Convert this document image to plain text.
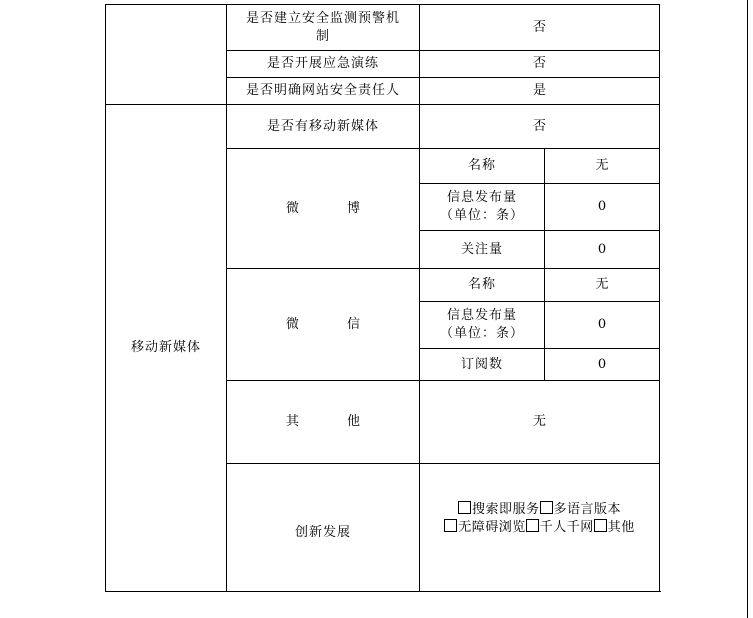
	是否建立安全监测预警机制	否	
	是否开展应急演练	否	
	是否明确网站安全责任人	是	
移动新媒体	是否有移动新媒体	否	
	微 博	名称	无

		信息发布量
（单位：条）	0
		关注量	0
	微 信	名称	无

		信息发布量
（单位：条）	0
		订阅数	0
	其 他	无	
	创新发展	搜索即服务 多语言版本无障碍浏览 千人千网 其他	
